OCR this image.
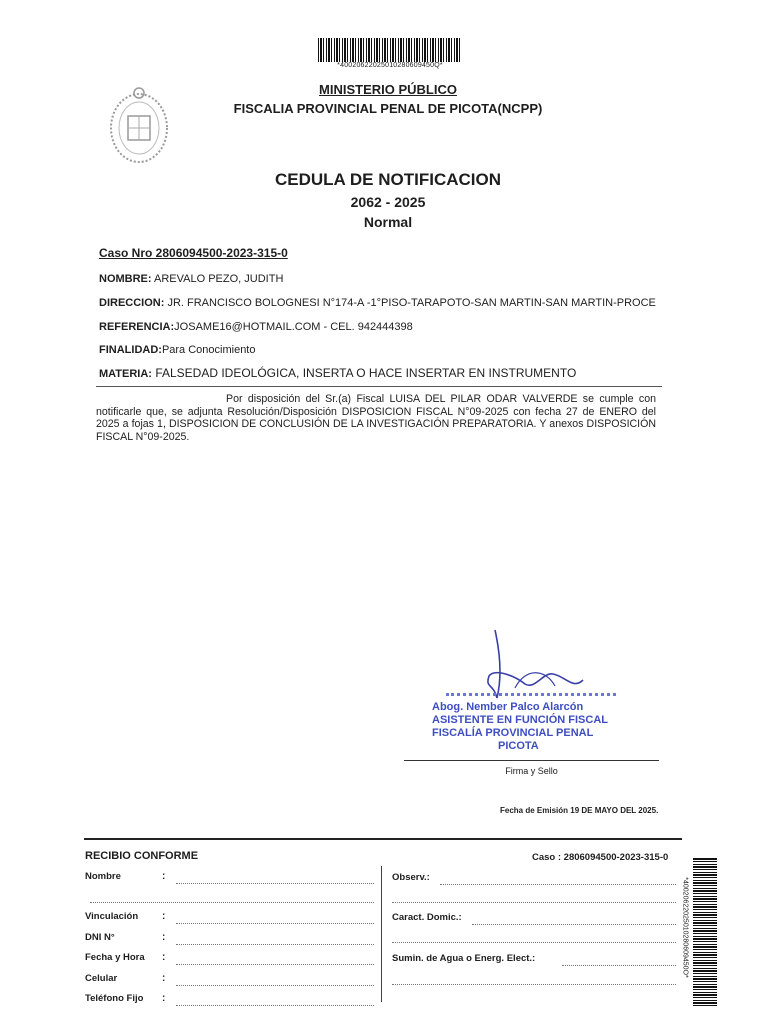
*40020622025010280609450Q*
MINISTERIO PÚBLICO
FISCALIA PROVINCIAL PENAL DE PICOTA(NCPP)
CEDULA DE NOTIFICACION
2062 - 2025
Normal
Caso Nro 2806094500-2023-315-0
NOMBRE: AREVALO PEZO, JUDITH
DIRECCION: JR. FRANCISCO BOLOGNESI N°174-A -1°PISO-TARAPOTO-SAN MARTIN-SAN MARTIN-PROCE
REFERENCIA:JOSAME16@HOTMAIL.COM - CEL. 942444398
FINALIDAD:Para Conocimiento
MATERIA: FALSEDAD IDEOLÓGICA, INSERTA O HACE INSERTAR EN INSTRUMENTO

Por disposición del Sr.(a) Fiscal LUISA DEL PILAR ODAR VALVERDE se cumple con notificarle que, se adjunta Resolución/Disposición DISPOSICION FISCAL N°09-2025 con fecha 27 de ENERO del 2025 a fojas 1, DISPOSICION DE CONCLUSIÓN DE LA INVESTIGACIÓN PREPARATORIA. Y anexos DISPOSICIÓN FISCAL N°09-2025.

Abog. Nember Palco Alarcón
ASISTENTE EN FUNCIÓN FISCAL
FISCALÍA PROVINCIAL PENAL
PICOTA
Firma y Sello
Fecha de Emisión 19 DE MAYO DEL 2025.
RECIBIO CONFORME	Caso : 2806094500-2023-315-0
Nombre	:
Vinculación :
DNI N°	:
Fecha y Hora :
Celular	:
Teléfono Fijo :
Observ.:
Caract. Domic.:
Sumin. de Agua o Energ. Elect.:	*40020622025010280609450O*
